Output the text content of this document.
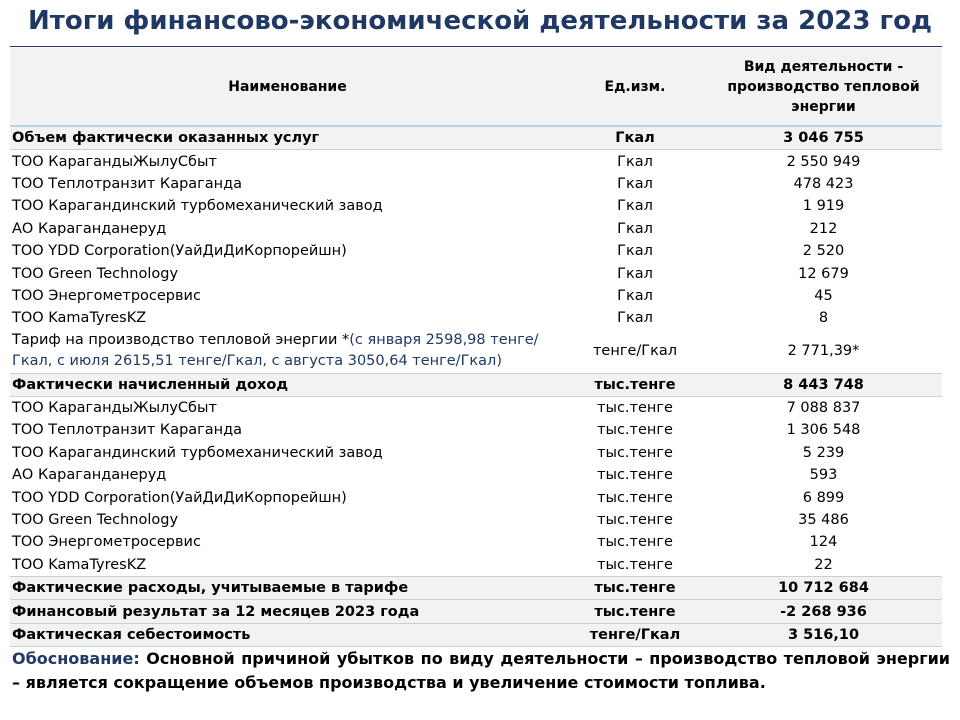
Итоги финансово-экономической деятельности за 2023 год
Наименование	Ед.изм.	Вид деятельности - производство тепловой энергии
Объем фактически оказанных услуг	Гкал	3 046 755
ТОО КарагандыЖылуСбыт	Гкал	2 550 949
ТОО Теплотранзит Караганда	Гкал	478 423
ТОО Карагандинский турбомеханический завод	Гкал	1 919
АО Караганданеруд	Гкал	212
ТОО YDD Corporation(УайДиДиКорпорейшн)	Гкал	2 520
ТОО Green Technology	Гкал	12 679
ТОО Энергометросервис	Гкал	45
ТОО KamaTyresKZ	Гкал	8
Тариф на производство тепловой энергии *(с января 2598,98 тенге/Гкал, с июля 2615,51 тенге/Гкал, с августа 3050,64 тенге/Гкал)	тенге/Гкал	2 771,39*
Фактически начисленный доход	тыс.тенге	8 443 748
ТОО КарагандыЖылуСбыт	тыс.тенге	7 088 837
ТОО Теплотранзит Караганда	тыс.тенге	1 306 548
ТОО Карагандинский турбомеханический завод	тыс.тенге	5 239
АО Караганданеруд	тыс.тенге	593
ТОО YDD Corporation(УайДиДиКорпорейшн)	тыс.тенге	6 899
ТОО Green Technology	тыс.тенге	35 486
ТОО Энергометросервис	тыс.тенге	124
ТОО KamaTyresKZ	тыс.тенге	22
Фактические расходы, учитываемые в тарифе	тыс.тенге	10 712 684
Финансовый результат за 12 месяцев 2023 года	тыс.тенге	-2 268 936
Фактическая себестоимость	тенге/Гкал	3 516,10
Обоснование: Основной причиной убытков по виду деятельности – производство тепловой энергии – является сокращение объемов производства и увеличение стоимости топлива.
